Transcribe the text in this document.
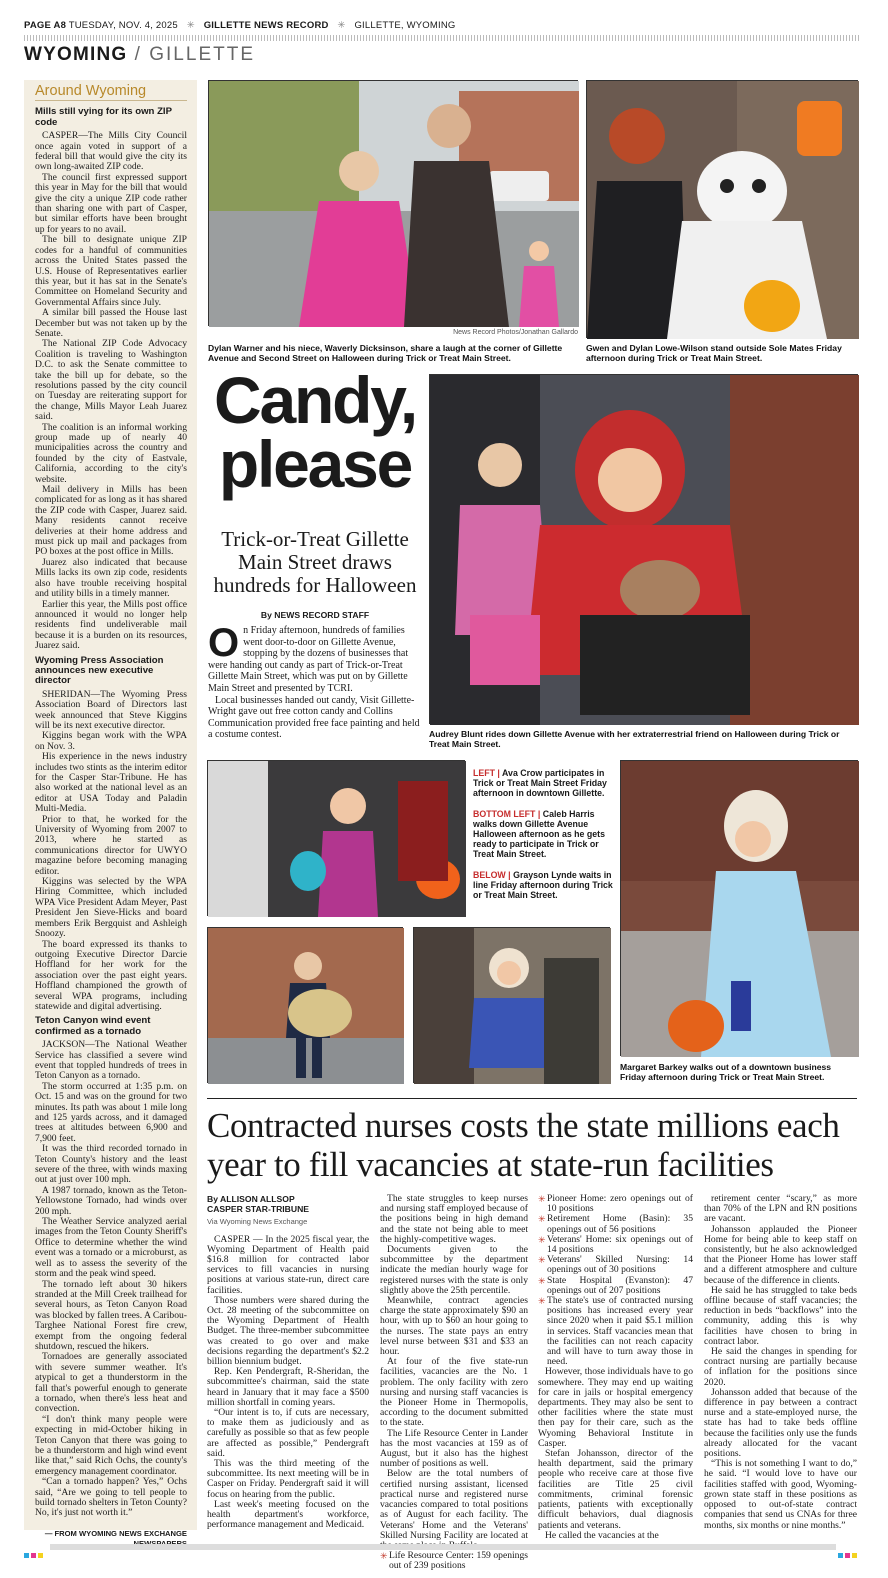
PAGE A8 TUESDAY, NOV. 4, 2025 ✳ GILLETTE NEWS RECORD ✳ GILLETTE, WYOMING
WYOMING / GILLETTE
Around Wyoming
Mills still vying for its own ZIP code

CASPER—The Mills City Council once again voted in support of a federal bill that would give the city its own long-awaited ZIP code.

The council first expressed support this year in May for the bill that would give the city a unique ZIP code rather than sharing one with part of Casper, but similar efforts have been brought up for years to no avail.

The bill to designate unique ZIP codes for a handful of communities across the United States passed the U.S. House of Representatives earlier this year, but it has sat in the Senate's Committee on Homeland Security and Governmental Affairs since July.

A similar bill passed the House last December but was not taken up by the Senate.

The National ZIP Code Advocacy Coalition is traveling to Washington D.C. to ask the Senate committee to take the bill up for debate, so the resolutions passed by the city council on Tuesday are reiterating support for the change, Mills Mayor Leah Juarez said.

The coalition is an informal working group made up of nearly 40 municipalities across the country and founded by the city of Eastvale, California, according to the city's website.

Mail delivery in Mills has been complicated for as long as it has shared the ZIP code with Casper, Juarez said. Many residents cannot receive deliveries at their home address and must pick up mail and packages from PO boxes at the post office in Mills.

Juarez also indicated that because Mills lacks its own zip code, residents also have trouble receiving hospital and utility bills in a timely manner.

Earlier this year, the Mills post office announced it would no longer help residents find undeliverable mail because it is a burden on its resources, Juarez said.

Wyoming Press Association announces new executive director

SHERIDAN—The Wyoming Press Association Board of Directors last week announced that Steve Kiggins will be its next executive director.

Kiggins began work with the WPA on Nov. 3.

His experience in the news industry includes two stints as the interim editor for the Casper Star-Tribune. He has also worked at the national level as an editor at USA Today and Paladin Multi-Media.

Prior to that, he worked for the University of Wyoming from 2007 to 2013, where he started as communications director for UWYO magazine before becoming managing editor.

Kiggins was selected by the WPA Hiring Committee, which included WPA Vice President Adam Meyer, Past President Jen Sieve-Hicks and board members Erik Bergquist and Ashleigh Snoozy.

The board expressed its thanks to outgoing Executive Director Darcie Hoffland for her work for the association over the past eight years. Hoffland championed the growth of several WPA programs, including statewide and digital advertising.

Teton Canyon wind event confirmed as a tornado

JACKSON—The National Weather Service has classified a severe wind event that toppled hundreds of trees in Teton Canyon as a tornado.

The storm occurred at 1:35 p.m. on Oct. 15 and was on the ground for two minutes. Its path was about 1 mile long and 125 yards across, and it damaged trees at altitudes between 6,900 and 7,900 feet.

It was the third recorded tornado in Teton County's history and the least severe of the three, with winds maxing out at just over 100 mph.

A 1987 tornado, known as the Teton-Yellowstone Tornado, had winds over 200 mph.

The Weather Service analyzed aerial images from the Teton County Sheriff's Office to determine whether the wind event was a tornado or a microburst, as well as to assess the severity of the storm and the peak wind speed.

The tornado left about 30 hikers stranded at the Mill Creek trailhead for several hours, as Teton Canyon Road was blocked by fallen trees. A Caribou-Targhee National Forest fire crew, exempt from the ongoing federal shutdown, rescued the hikers.

Tornadoes are generally associated with severe summer weather. It's atypical to get a thunderstorm in the fall that's powerful enough to generate a tornado, when there's less heat and convection.

“I don't think many people were expecting in mid-October hiking in Teton Canyon that there was going to be a thunderstorm and high wind event like that,” said Rich Ochs, the county's emergency management coordinator.

“Can a tornado happen? Yes,” Ochs said, “Are we going to tell people to build tornado shelters in Teton County? No, it's just not worth it.”

— FROM WYOMING NEWS EXCHANGE
News Record Photos/Jonathan Gallardo
Dylan Warner and his niece, Waverly Dicksinson, share a laugh at the corner of Gillette Avenue and Second Street on Halloween during Trick or Treat Main Street.
Gwen and Dylan Lowe-Wilson stand outside Sole Mates Friday afternoon during Trick or Treat Main Street.
Candy,
please
Trick-or-Treat Gillette Main Street draws hundreds for Halloween
By NEWS RECORD STAFF

On Friday afternoon, hundreds of families went door-to-door on Gillette Avenue, stopping by the dozens of businesses that were handing out candy as part of Trick-or-Treat Gillette Main Street, which was put on by Gillette Main Street and presented by TCRI.

Local businesses handed out candy, Visit Gillette-Wright gave out free cotton candy and Collins Communication provided free face painting and held a costume contest.	Audrey Blunt rides down Gillette Avenue with her extraterrestrial friend on Halloween during Trick or Treat Main Street.
LEFT | Ava Crow participates in Trick or Treat Main Street Friday afternoon in downtown Gillette.
BOTTOM LEFT | Caleb Harris walks down Gillette Avenue Halloween afternoon as he gets ready to participate in Trick or Treat Main Street.
BELOW | Grayson Lynde waits in line Friday afternoon during Trick or Treat Main Street.
Margaret Barkey walks out of a downtown business Friday afternoon during Trick or Treat Main Street.
Contracted nurses costs the state millions each year to fill vacancies at state-run facilities
By ALLISON ALLSOP
CASPER STAR-TRIBUNE
Via Wyoming News Exchange

CASPER — In the 2025 fiscal year, the Wyoming Department of Health paid $16.8 million for contracted labor services to fill vacancies in nursing positions at various state-run, direct care facilities.

Those numbers were shared during the Oct. 28 meeting of the subcommittee on the Wyoming Department of Health Budget. The three-member subcommittee was created to go over and make decisions regarding the department's $2.2 billion biennium budget.

Rep. Ken Pendergraft, R-Sheridan, the subcommittee's chairman, said the state heard in January that it may face a $500 million shortfall in coming years.

“Our intent is to, if cuts are necessary, to make them as judiciously and as carefully as possible so that as few people are affected as possible,” Pendergraft said.

This was the third meeting of the subcommittee. Its next meeting will be in Casper on Friday. Pendergraft said it will focus on hearing from the public.

Last week's meeting focused on the health department's workforce, performance management and Medicaid.

The state struggles to keep nurses and nursing staff employed because of the positions being in high demand and the state not being able to meet the highly-competitive wages.

Documents given to the subcommittee by the department indicate the median hourly wage for registered nurses with the state is only slightly above the 25th percentile.

Meanwhile, contract agencies charge the state approximately $90 an hour, with up to $60 an hour going to the nurses. The state pays an entry level nurse between $31 and $33 an hour.

At four of the five state-run facilities, vacancies are the No. 1 problem. The only facility with zero nursing and nursing staff vacancies is the Pioneer Home in Thermopolis, according to the document submitted to the state.

The Life Resource Center in Lander has the most vacancies at 159 as of August, but it also has the highest number of positions as well.

Below are the total numbers of certified nursing assistant, licensed practical nurse and registered nurse vacancies compared to total positions as of August for each facility. The Veterans' Home and the Veterans' Skilled Nursing Facility are located at

✳ Life Resource Center: 159 openings out of 239 positions

✳ Pioneer Home: zero openings out of 10 positions

✳ Retirement Home (Basin): 35 openings out of 56 positions

✳ Veterans' Home: six openings out of 14 positions

✳ Veterans' Skilled Nursing: 14 openings out of 30 positions

✳ State Hospital (Evanston): 47 openings out of 207 positions

✳ The state's use of contracted nursing positions has increased every year since 2020 when it paid $5.1 million in services. Staff vacancies mean that the facilities can not reach capacity and will have to turn away those in need.

However, those individuals have to go somewhere. They may end up waiting for care in jails or hospital emergency departments. They may also be sent to other facilities where the state must then pay for their care, such as the Wyoming Behavioral Institute in Casper.

Stefan Johansson, director of the health department, said the primary people who receive care at those five facilities are Title 25 civil commitments, criminal forensic patients, patients with exceptionally difficult behaviors, dual diagnosis patients and veterans.

He called the vacancies at the

retirement center “scary,” as more than 70% of the LPN and RN positions are vacant.

Johansson applauded the Pioneer Home for being able to keep staff on consistently, but he also acknowledged that the Pioneer Home has lower staff and a different atmosphere and culture because of the difference in clients.

He said he has struggled to take beds offline because of staff vacancies; the reduction in beds “backflows” into the community, adding this is why facilities have chosen to bring in contract labor.

He said the changes in spending for contract nursing are partially because of inflation for the positions since 2020.

Johansson added that because of the difference in pay between a contract nurse and a state-employed nurse, the state has had to take beds offline because the facilities only use the funds already allocated for the vacant positions.

“This is not something I want to do,” he said. “I would love to have our facilities staffed with good, Wyoming-grown state staff in these positions as opposed to out-of-state contract companies that send us CNAs for three months, six months or nine months.”
